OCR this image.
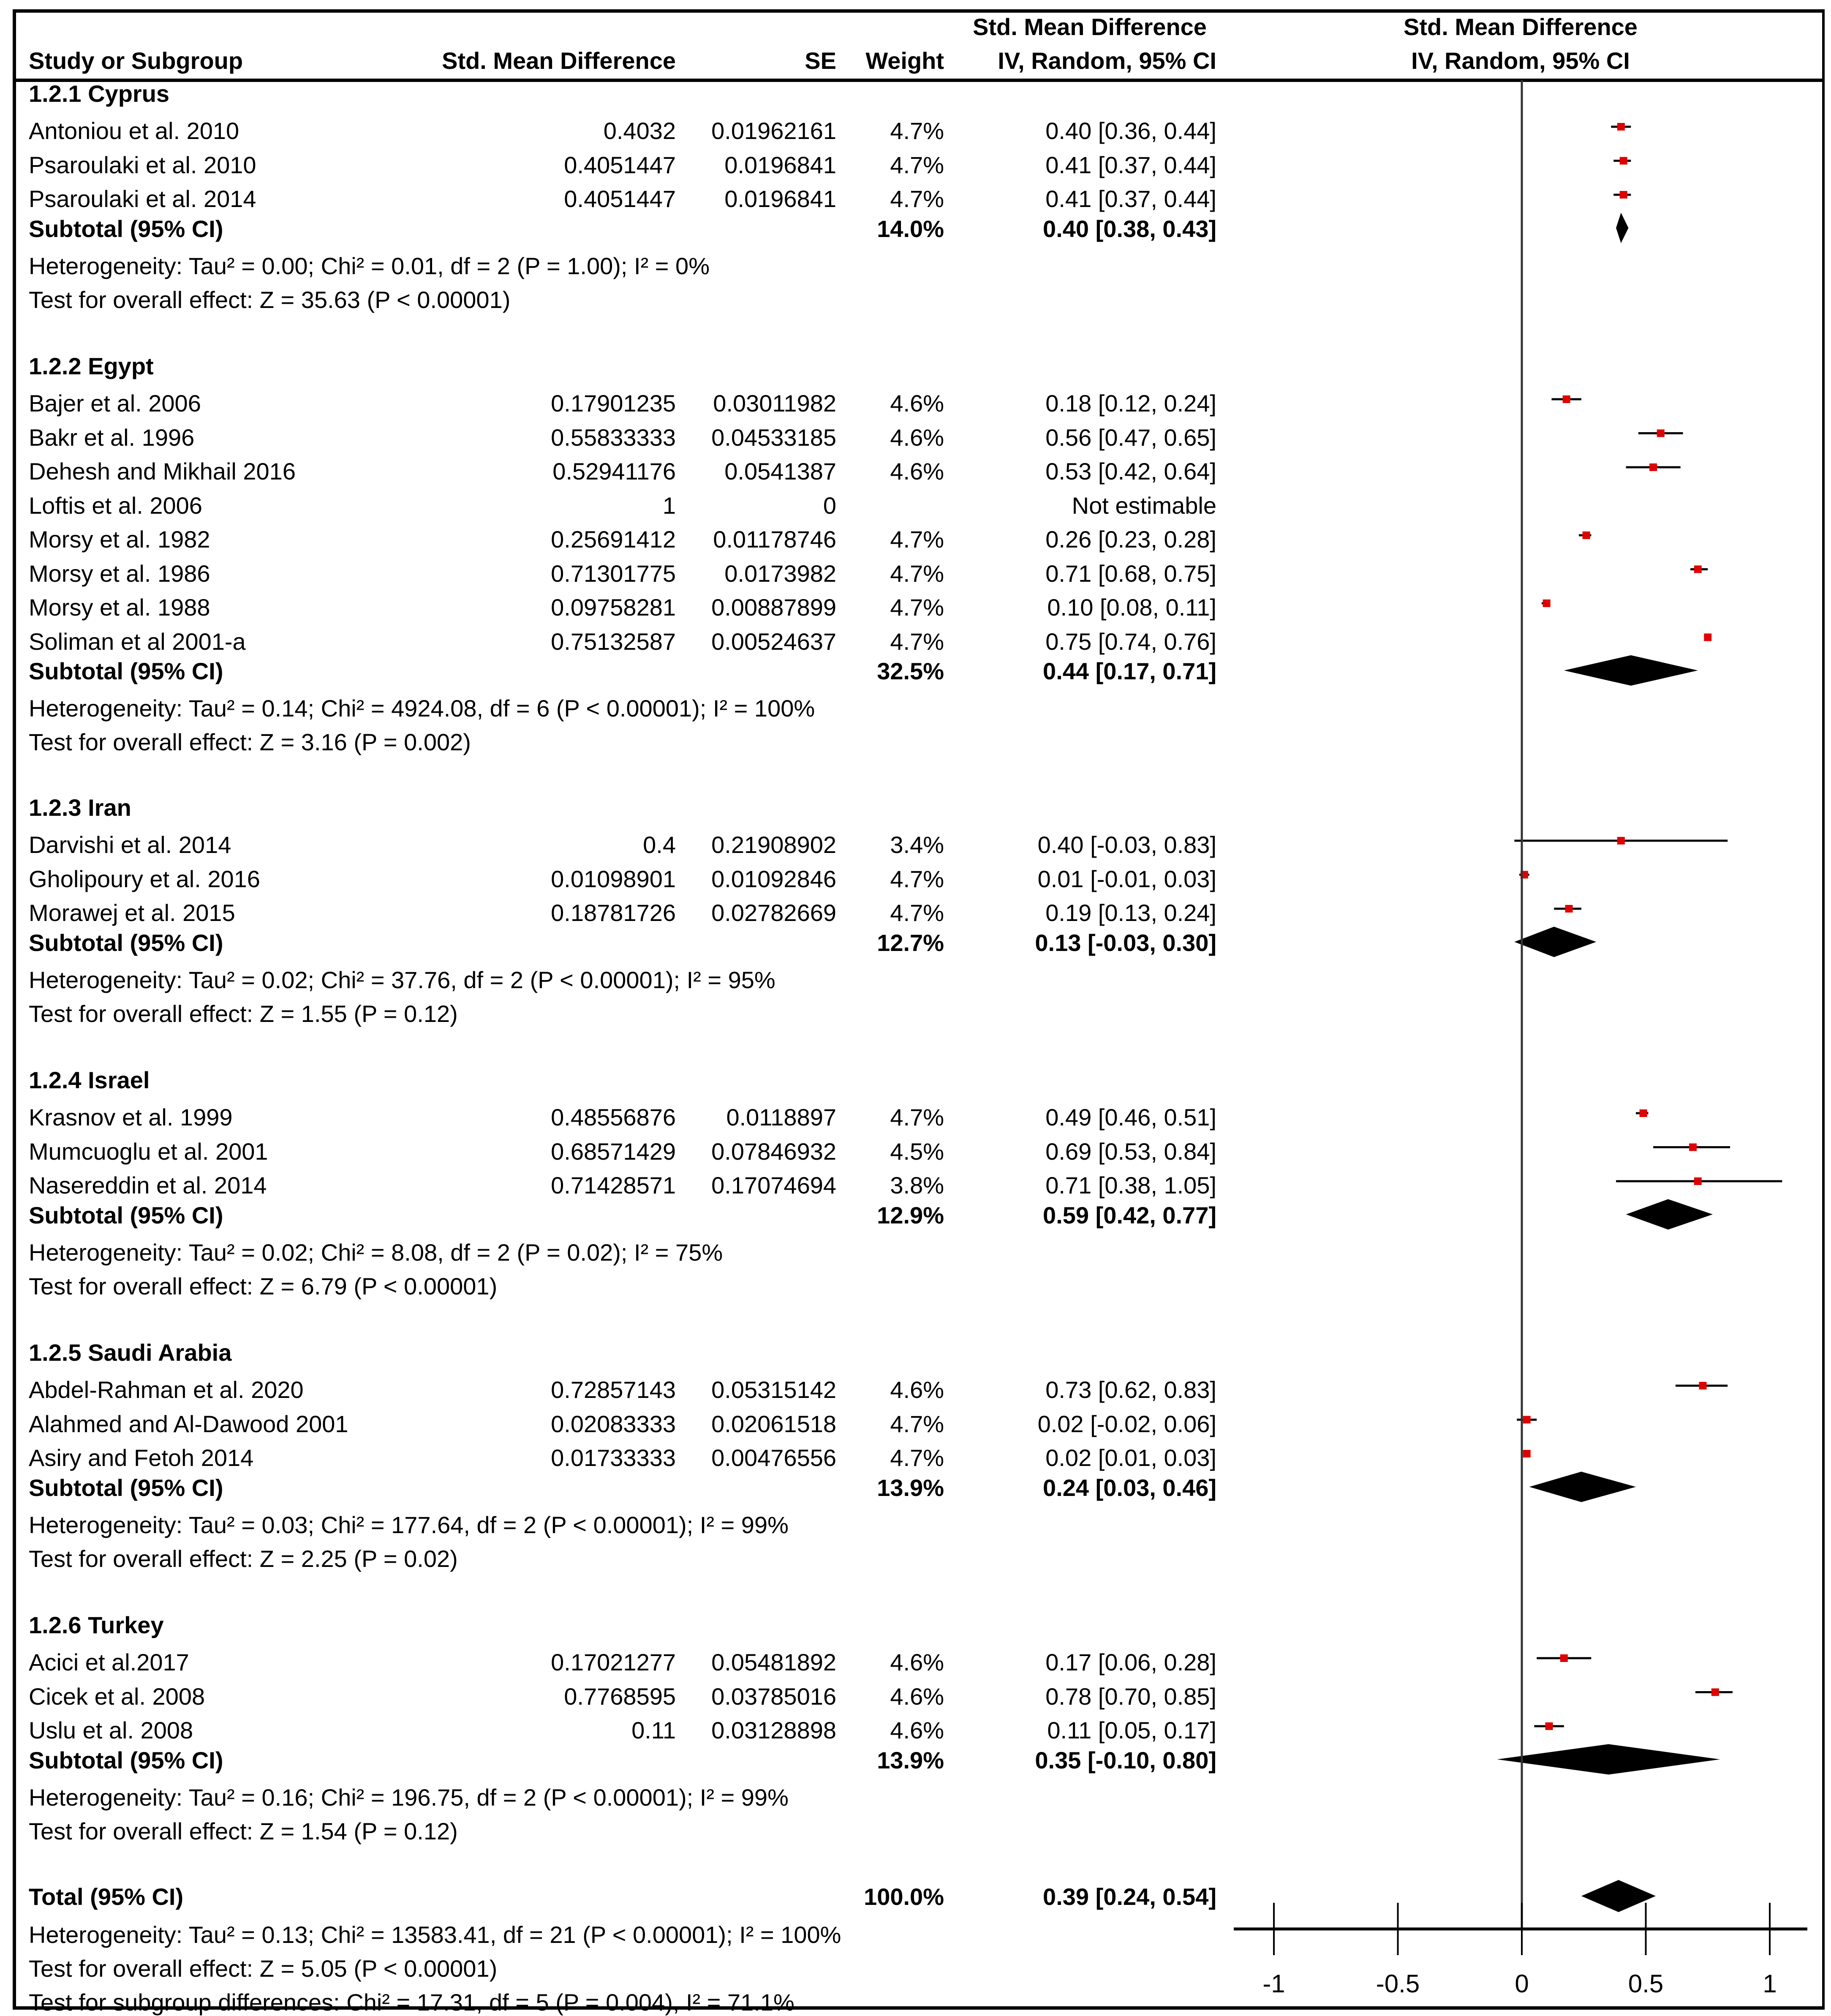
Study or Subgroup	Std. Mean Difference	SE	Weight
Std. Mean Difference
IV, Random, 95% CI
Std. Mean Difference
IV, Random, 95% CI
1.2.1 Cyprus
Antoniou et al. 2010	0.4032	0.01962161	4.7%	0.40 [0.36, 0.44]
Psaroulaki et al. 2010	0.4051447	0.0196841	4.7%	0.41 [0.37, 0.44]
Psaroulaki et al. 2014	0.4051447	0.0196841	4.7%	0.41 [0.37, 0.44]
Subtotal (95% CI)	14.0%	0.40 [0.38, 0.43]
Heterogeneity: Tau² = 0.00; Chi² = 0.01, df = 2 (P = 1.00); I² = 0%
Test for overall effect: Z = 35.63 (P < 0.00001)
1.2.2 Egypt
Bajer et al. 2006	0.17901235	0.03011982	4.6%	0.18 [0.12, 0.24]
Bakr et al. 1996	0.55833333	0.04533185	4.6%	0.56 [0.47, 0.65]
Dehesh and Mikhail 2016	0.52941176	0.0541387	4.6%	0.53 [0.42, 0.64]
Loftis et al. 2006	1	0	Not estimable
Morsy et al. 1982	0.25691412	0.01178746	4.7%	0.26 [0.23, 0.28]
Morsy et al. 1986	0.71301775	0.0173982	4.7%	0.71 [0.68, 0.75]
Morsy et al. 1988	0.09758281	0.00887899	4.7%	0.10 [0.08, 0.11]
Soliman et al 2001-a	0.75132587	0.00524637	4.7%	0.75 [0.74, 0.76]
Subtotal (95% CI)	32.5%	0.44 [0.17, 0.71]
Heterogeneity: Tau² = 0.14; Chi² = 4924.08, df = 6 (P < 0.00001); I² = 100%
Test for overall effect: Z = 3.16 (P = 0.002)
1.2.3 Iran
Darvishi et al. 2014	0.4	0.21908902	3.4%	0.40 [-0.03, 0.83]
Gholipoury et al. 2016	0.01098901	0.01092846	4.7%	0.01 [-0.01, 0.03]
Morawej et al. 2015	0.18781726	0.02782669	4.7%	0.19 [0.13, 0.24]
Subtotal (95% CI)	12.7%	0.13 [-0.03, 0.30]
Heterogeneity: Tau² = 0.02; Chi² = 37.76, df = 2 (P < 0.00001); I² = 95%
Test for overall effect: Z = 1.55 (P = 0.12)
1.2.4 Israel
Krasnov et al. 1999	0.48556876	0.0118897	4.7%	0.49 [0.46, 0.51]
Mumcuoglu et al. 2001	0.68571429	0.07846932	4.5%	0.69 [0.53, 0.84]
Nasereddin et al. 2014	0.71428571	0.17074694	3.8%	0.71 [0.38, 1.05]
Subtotal (95% CI)	12.9%	0.59 [0.42, 0.77]
Heterogeneity: Tau² = 0.02; Chi² = 8.08, df = 2 (P = 0.02); I² = 75%
Test for overall effect: Z = 6.79 (P < 0.00001)
1.2.5 Saudi Arabia
Abdel-Rahman et al. 2020	0.72857143	0.05315142	4.6%	0.73 [0.62, 0.83]
Alahmed and Al-Dawood 2001	0.02083333	0.02061518	4.7%	0.02 [-0.02, 0.06]
Asiry and Fetoh 2014	0.01733333	0.00476556	4.7%	0.02 [0.01, 0.03]
Subtotal (95% CI)	13.9%	0.24 [0.03, 0.46]
Heterogeneity: Tau² = 0.03; Chi² = 177.64, df = 2 (P < 0.00001); I² = 99%
Test for overall effect: Z = 2.25 (P = 0.02)
1.2.6 Turkey
Acici et al.2017	0.17021277	0.05481892	4.6%	0.17 [0.06, 0.28]
Cicek et al. 2008	0.7768595	0.03785016	4.6%	0.78 [0.70, 0.85]
Uslu et al. 2008	0.11	0.03128898	4.6%	0.11 [0.05, 0.17]
Subtotal (95% CI)	13.9%	0.35 [-0.10, 0.80]
Heterogeneity: Tau² = 0.16; Chi² = 196.75, df = 2 (P < 0.00001); I² = 99%
Test for overall effect: Z = 1.54 (P = 0.12)
Total (95% CI)	100.0%	0.39 [0.24, 0.54]
Heterogeneity: Tau² = 0.13; Chi² = 13583.41, df = 21 (P < 0.00001); I² = 100%
Test for overall effect: Z = 5.05 (P < 0.00001)
Test for subgroup differences: Chi² = 17.31, df = 5 (P = 0.004), I² = 71.1%
-1	-0.5	0	0.5	1
